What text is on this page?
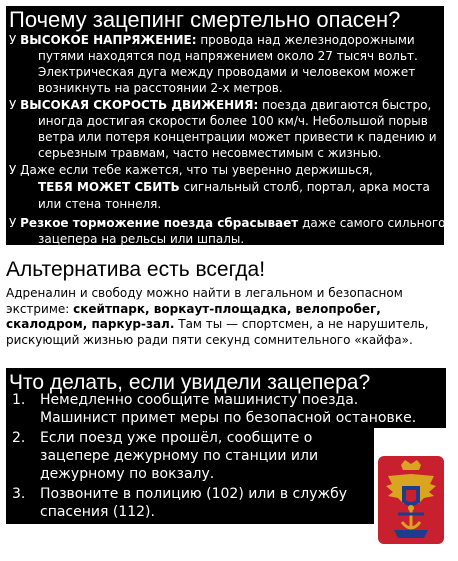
Почему зацепинг смертельно опасен?
У ВЫСОКОЕ НАПРЯЖЕНИЕ: провода над железнодорожными
путями находятся под напряжением около 27 тысяч вольт.
Электрическая дуга между проводами и человеком может
возникнуть на расстоянии 2-х метров.
У ВЫСОКАЯ СКОРОСТЬ ДВИЖЕНИЯ: поезда двигаются быстро,
иногда достигая скорости более 100 км/ч. Небольшой порыв
ветра или потеря концентрации может привести к падению и
серьезным травмам, часто несовместимым с жизнью.
У Даже если тебе кажется, что ты уверенно держишься,
ТЕБЯ МОЖЕТ СБИТЬ сигнальный столб, портал, арка моста
или стена тоннеля.
У Резкое торможение поезда сбрасывает даже самого сильного
зацепера на рельсы или шпалы.
Альтернатива есть всегда!
Адреналин и свободу можно найти в легальном и безопасном
экстриме: скейтпарк, воркаут-площадка, велопробег,
скалодром, паркур-зал. Там ты — спортсмен, а не нарушитель,
рискующий жизнью ради пяти секунд сомнительного «кайфа».
Что делать, если увидели зацепера?
1. Немедленно сообщите машинисту поезда.
Машинист примет меры по безопасной остановке.
2. Если поезд уже прошёл, сообщите о
зацепере дежурному по станции или
дежурному по вокзалу.
3. Позвоните в полицию (102) или в службу
спасения (112).
